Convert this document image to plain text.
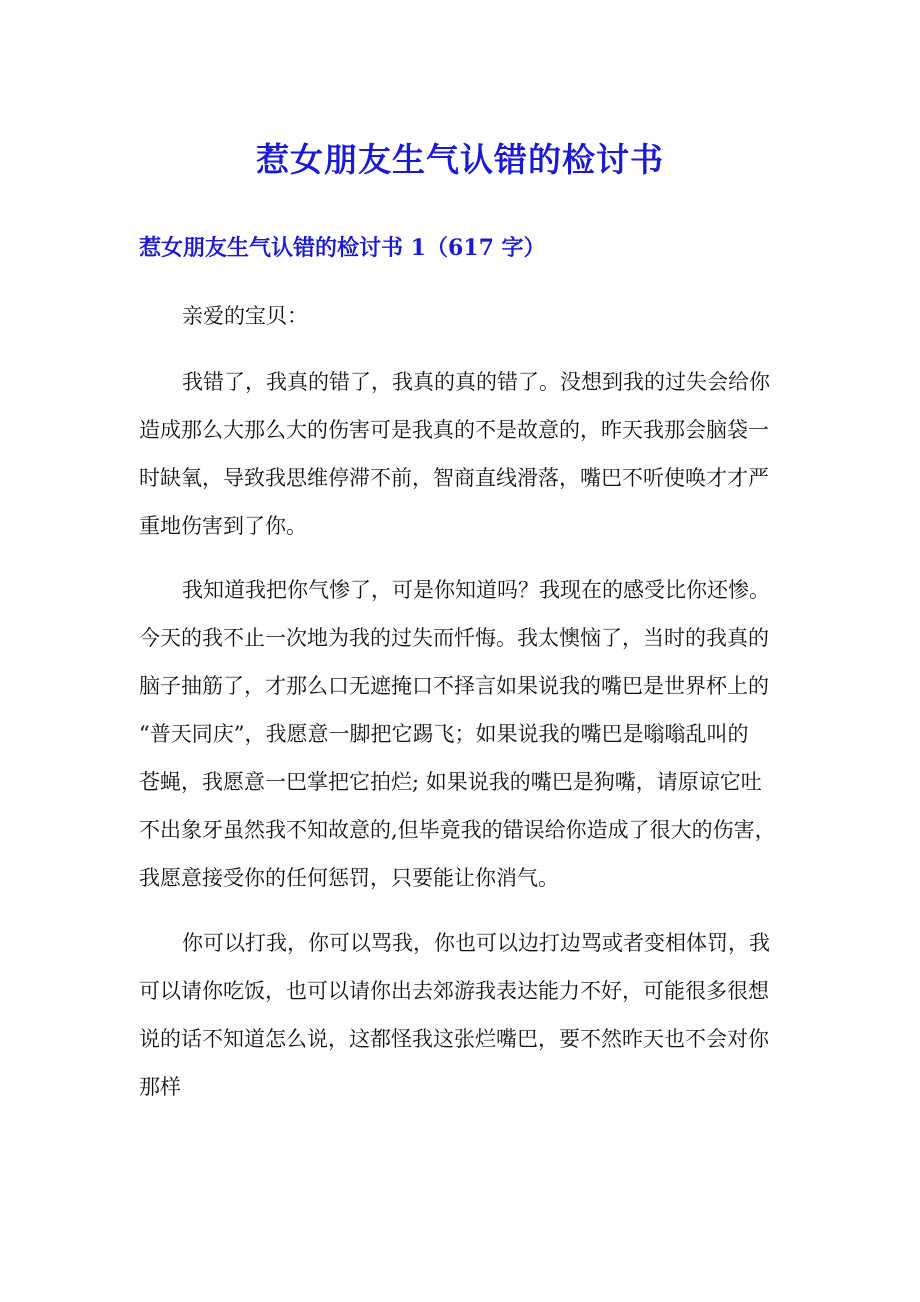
惹女朋友生气认错的检讨书
惹女朋友生气认错的检讨书 1（617 字）

亲爱的宝贝：

我错了，我真的错了，我真的真的错了。没想到我的过失会给你
造成那么大那么大的伤害可是我真的不是故意的，昨天我那会脑袋一
时缺氧，导致我思维停滞不前，智商直线滑落，嘴巴不听使唤才才严
重地伤害到了你。

我知道我把你气惨了，可是你知道吗？我现在的感受比你还惨。
今天的我不止一次地为我的过失而忏悔。我太懊恼了，当时的我真的
脑子抽筋了，才那么口无遮掩口不择言如果说我的嘴巴是世界杯上的
“普天同庆”，我愿意一脚把它踢飞；如果说我的嘴巴是嗡嗡乱叫的
苍蝇，我愿意一巴掌把它拍烂; 如果说我的嘴巴是狗嘴，请原谅它吐
不出象牙虽然我不知故意的,但毕竟我的错误给你造成了很大的伤害，
我愿意接受你的任何惩罚，只要能让你消气。

你可以打我，你可以骂我，你也可以边打边骂或者变相体罚，我
可以请你吃饭，也可以请你出去郊游我表达能力不好，可能很多很想
说的话不知道怎么说，这都怪我这张烂嘴巴，要不然昨天也不会对你
那样
